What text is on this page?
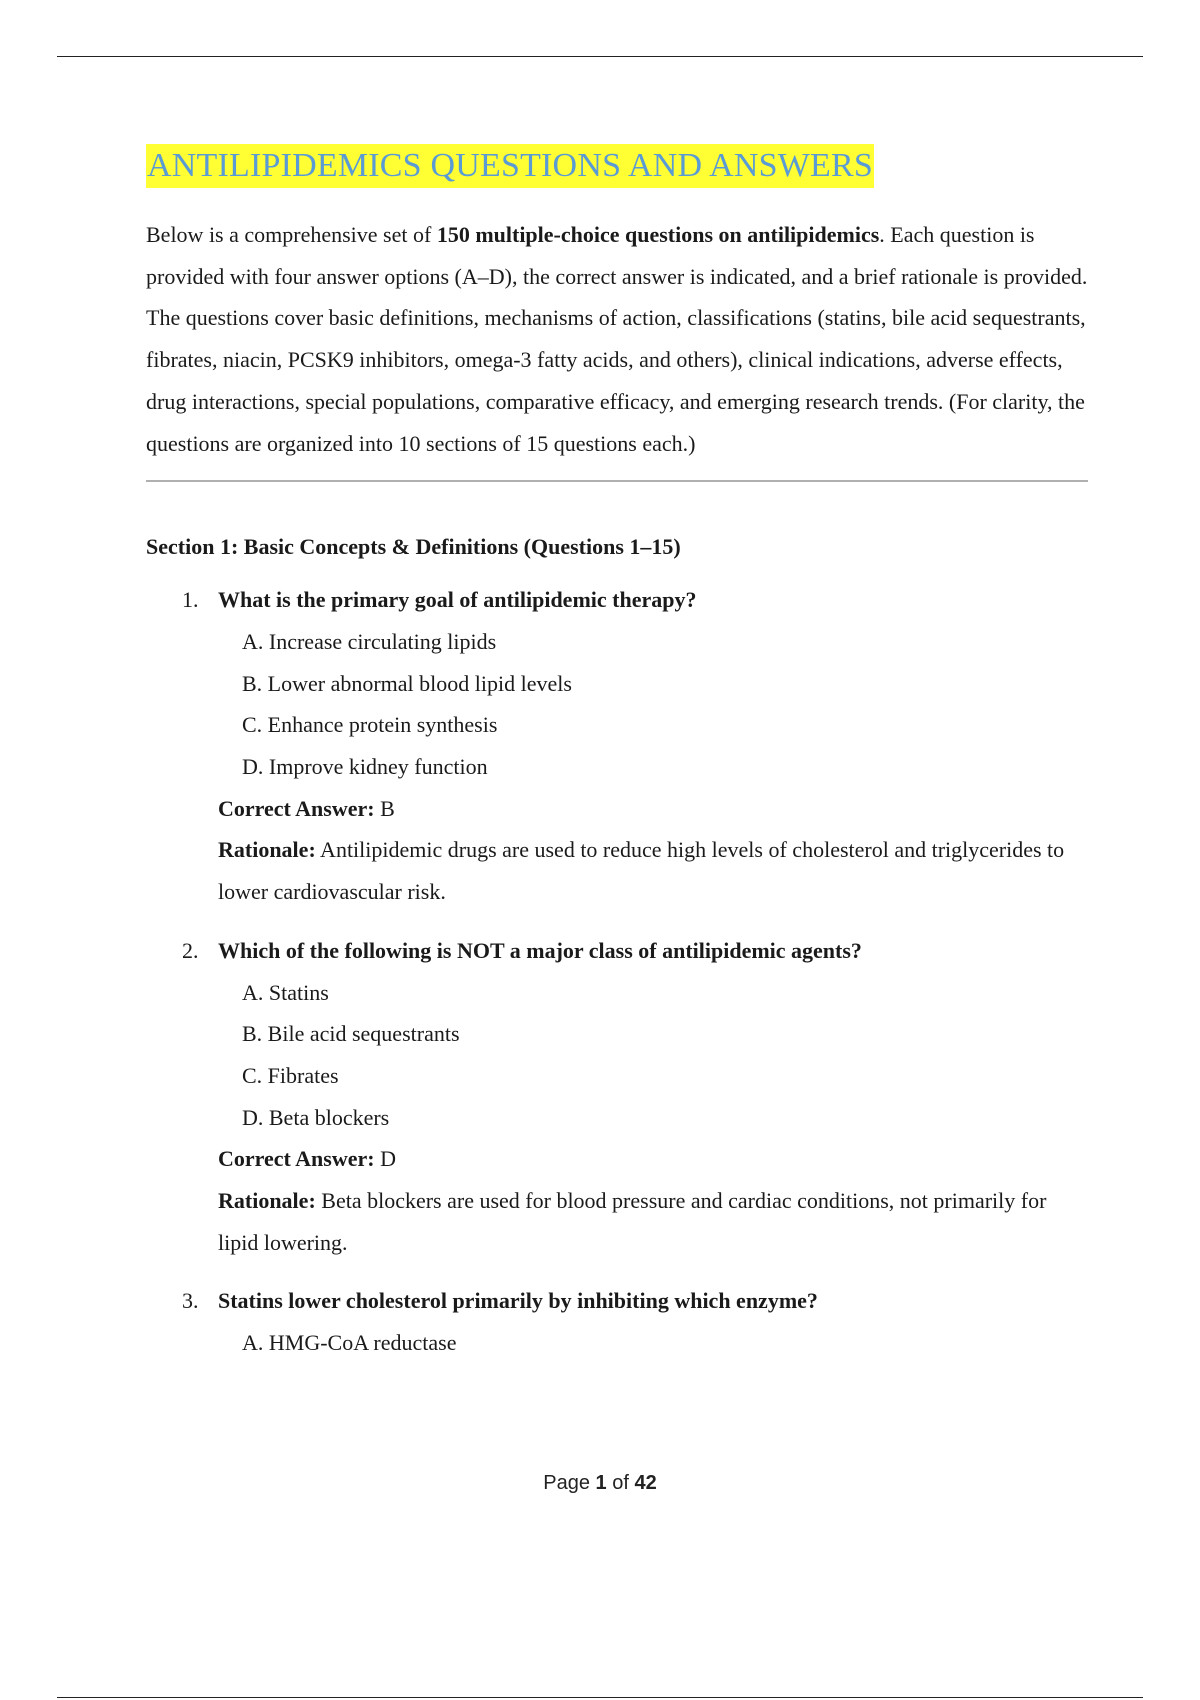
ANTILIPIDEMICS QUESTIONS AND ANSWERS

Below is a comprehensive set of 150 multiple-choice questions on antilipidemics. Each question is provided with four answer options (A–D), the correct answer is indicated, and a brief rationale is provided. The questions cover basic definitions, mechanisms of action, classifications (statins, bile acid sequestrants, fibrates, niacin, PCSK9 inhibitors, omega-3 fatty acids, and others), clinical indications, adverse effects, drug interactions, special populations, comparative efficacy, and emerging research trends. (For clarity, the questions are organized into 10 sections of 15 questions each.)

Section 1: Basic Concepts & Definitions (Questions 1–15)
1. What is the primary goal of antilipidemic therapy?
A. Increase circulating lipids
B. Lower abnormal blood lipid levels
C. Enhance protein synthesis
D. Improve kidney function
Correct Answer: B
Rationale: Antilipidemic drugs are used to reduce high levels of cholesterol and triglycerides to lower cardiovascular risk.
2. Which of the following is NOT a major class of antilipidemic agents?
A. Statins
B. Bile acid sequestrants
C. Fibrates
D. Beta blockers
Correct Answer: D
Rationale: Beta blockers are used for blood pressure and cardiac conditions, not primarily for lipid lowering.
3. Statins lower cholesterol primarily by inhibiting which enzyme?
A. HMG-CoA reductase
Page 1 of 42
